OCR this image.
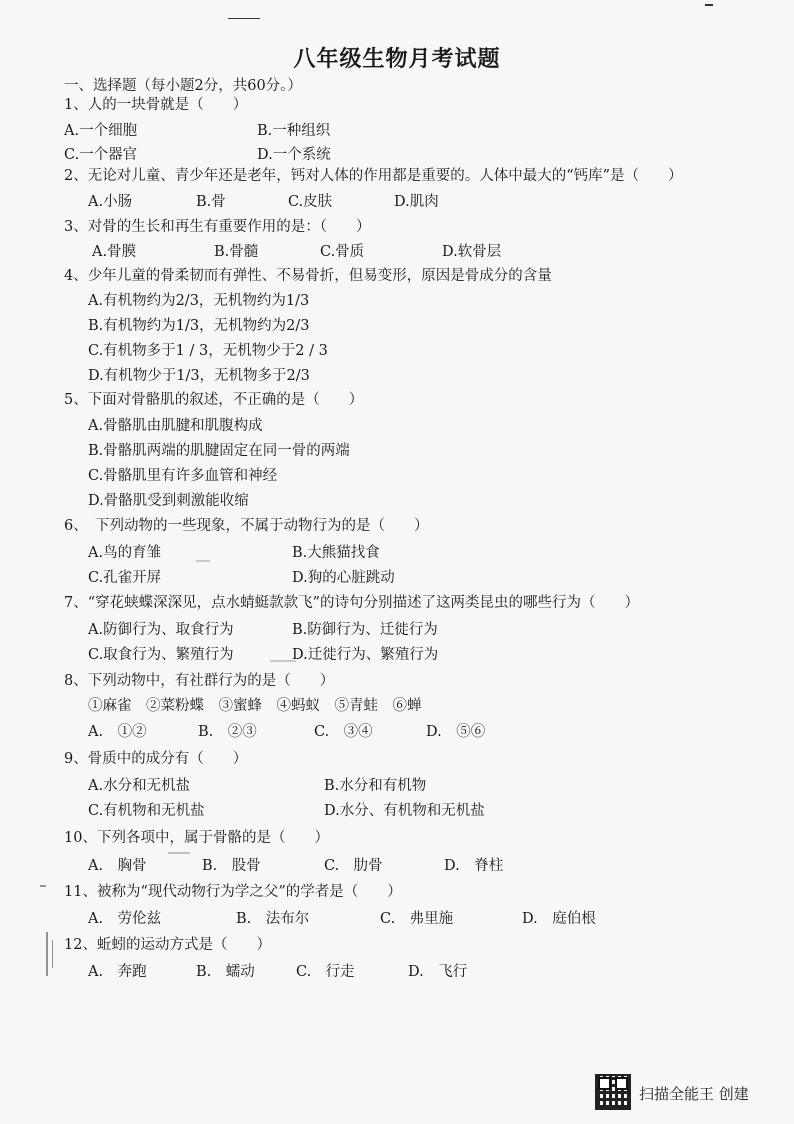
八年级生物月考试题
一、选择题（每小题2分，共60分。）
1、人的一块骨就是（　　）
A.一个细胞	B.一种组织
C.一个器官	D.一个系统
2、无论对儿童、青少年还是老年，钙对人体的作用都是重要的。人体中最大的“钙库”是（　　）
A.小肠	B.骨	C.皮肤	D.肌肉
3、对骨的生长和再生有重要作用的是：（　　）
A.骨膜	B.骨髓	C.骨质	D.软骨层
4、少年儿童的骨柔韧而有弹性、不易骨折，但易变形，原因是骨成分的含量
A.有机物约为2/3，无机物约为1/3
B.有机物约为1/3，无机物约为2/3
C.有机物多于1 / 3，无机物少于2 / 3
D.有机物少于1/3，无机物多于2/3
5、下面对骨骼肌的叙述，不正确的是（　　）
A.骨骼肌由肌腱和肌腹构成
B.骨骼肌两端的肌腱固定在同一骨的两端
C.骨骼肌里有许多血管和神经
D.骨骼肌受到刺激能收缩
6、　下列动物的一些现象，不属于动物行为的是（　　）
A.鸟的育雏	B.大熊猫找食
C.孔雀开屏	D.狗的心脏跳动
7、“穿花蛱蝶深深见，点水蜻蜓款款飞”的诗句分别描述了这两类昆虫的哪些行为（　　）
A.防御行为、取食行为	B.防御行为、迁徙行为
C.取食行为、繁殖行为	D.迁徙行为、繁殖行为
8、下列动物中，有社群行为的是（　　）
①麻雀　②菜粉蝶　③蜜蜂　④蚂蚁　⑤青蛙　⑥蝉
A.　①②	B.　②③	C.　③④	D.　⑤⑥
9、骨质中的成分有（　　）
A.水分和无机盐	B.水分和有机物
C.有机物和无机盐	D.水分、有机物和无机盐
10、下列各项中，属于骨骼的是（　　）
A.　胸骨	B.　股骨	C.　肋骨	D.　脊柱
11、被称为“现代动物行为学之父”的学者是（　　）
A.　劳伦兹	B.　法布尔	C.　弗里施	D.　庭伯根
12、蚯蚓的运动方式是（　　）
A.　奔跑	B.　蠕动	C.　行走	D.　飞行
扫描全能王 创建
